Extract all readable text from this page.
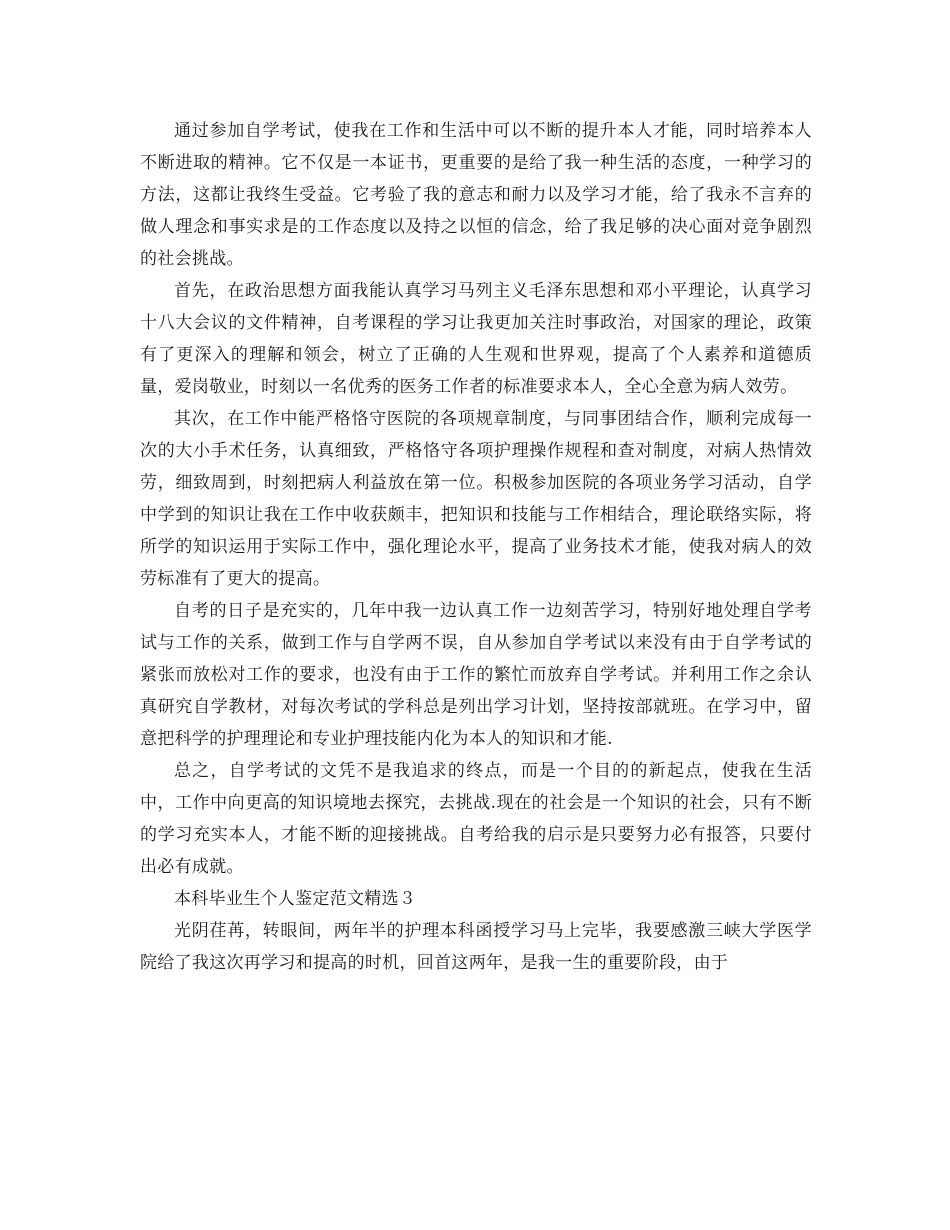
通过参加自学考试，使我在工作和生活中可以不断的提升本人才能，同时培养本人不断进取的精神。它不仅是一本证书，更重要的是给了我一种生活的态度，一种学习的方法，这都让我终生受益。它考验了我的意志和耐力以及学习才能，给了我永不言弃的做人理念和事实求是的工作态度以及持之以恒的信念，给了我足够的决心面对竞争剧烈的社会挑战。

首先，在政治思想方面我能认真学习马列主义毛泽东思想和邓小平理论，认真学习十八大会议的文件精神，自考课程的学习让我更加关注时事政治，对国家的理论，政策有了更深入的理解和领会，树立了正确的人生观和世界观，提高了个人素养和道德质量，爱岗敬业，时刻以一名优秀的医务工作者的标准要求本人，全心全意为病人效劳。

其次，在工作中能严格恪守医院的各项规章制度，与同事团结合作，顺利完成每一次的大小手术任务，认真细致，严格恪守各项护理操作规程和查对制度，对病人热情效劳，细致周到，时刻把病人利益放在第一位。积极参加医院的各项业务学习活动，自学中学到的知识让我在工作中收获颇丰，把知识和技能与工作相结合，理论联络实际，将所学的知识运用于实际工作中，强化理论水平，提高了业务技术才能，使我对病人的效劳标准有了更大的提高。

自考的日子是充实的，几年中我一边认真工作一边刻苦学习，特别好地处理自学考试与工作的关系，做到工作与自学两不误，自从参加自学考试以来没有由于自学考试的紧张而放松对工作的要求，也没有由于工作的繁忙而放弃自学考试。并利用工作之余认真研究自学教材，对每次考试的学科总是列出学习计划，坚持按部就班。在学习中，留意把科学的护理理论和专业护理技能内化为本人的知识和才能.

总之，自学考试的文凭不是我追求的终点，而是一个目的的新起点，使我在生活中，工作中向更高的知识境地去探究，去挑战.现在的社会是一个知识的社会，只有不断的学习充实本人，才能不断的迎接挑战。自考给我的启示是只要努力必有报答，只要付出必有成就。

本科毕业生个人鉴定范文精选３

光阴荏苒，转眼间，两年半的护理本科函授学习马上完毕，我要感激三峡大学医学院给了我这次再学习和提高的时机，回首这两年，是我一生的重要阶段，由于
